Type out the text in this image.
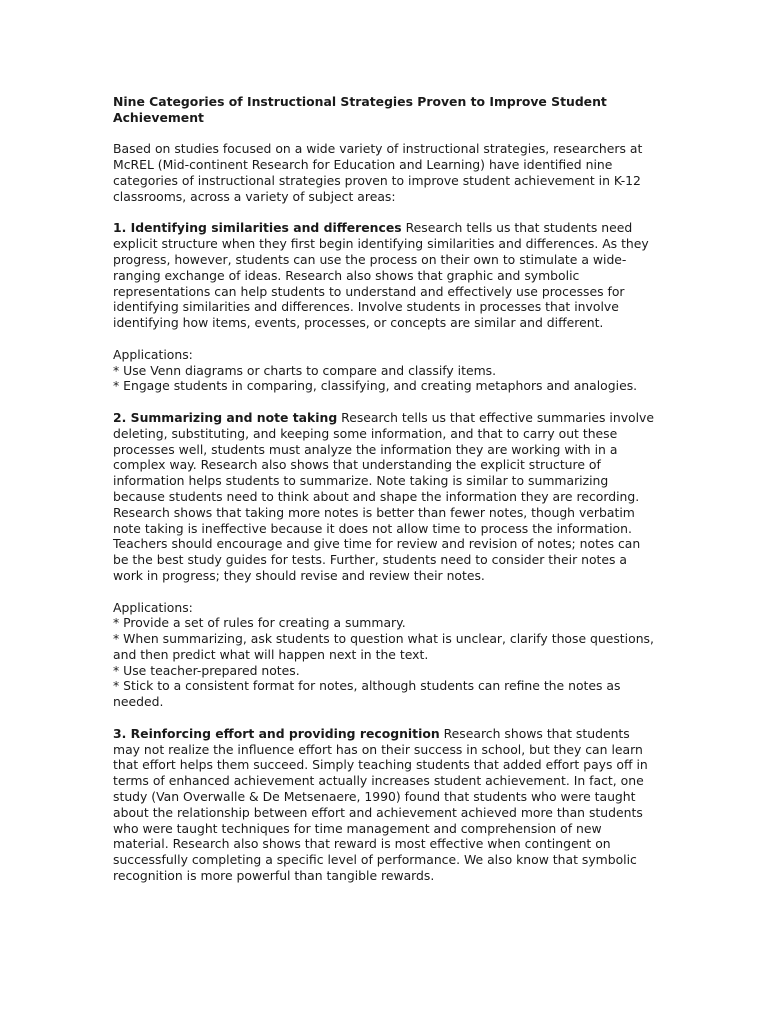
Nine Categories of Instructional Strategies Proven to Improve Student Achievement

Based on studies focused on a wide variety of instructional strategies, researchers at McREL (Mid-continent Research for Education and Learning) have identified nine categories of instructional strategies proven to improve student achievement in K-12 classrooms, across a variety of subject areas:

1. Identifying similarities and differences Research tells us that students need explicit structure when they first begin identifying similarities and differences. As they progress, however, students can use the process on their own to stimulate a wide-ranging exchange of ideas. Research also shows that graphic and symbolic representations can help students to understand and effectively use processes for identifying similarities and differences. Involve students in processes that involve identifying how items, events, processes, or concepts are similar and different.

Applications:
* Use Venn diagrams or charts to compare and classify items.
* Engage students in comparing, classifying, and creating metaphors and analogies.

2. Summarizing and note taking Research tells us that effective summaries involve deleting, substituting, and keeping some information, and that to carry out these processes well, students must analyze the information they are working with in a complex way. Research also shows that understanding the explicit structure of information helps students to summarize. Note taking is similar to summarizing because students need to think about and shape the information they are recording. Research shows that taking more notes is better than fewer notes, though verbatim note taking is ineffective because it does not allow time to process the information. Teachers should encourage and give time for review and revision of notes; notes can be the best study guides for tests. Further, students need to consider their notes a work in progress; they should revise and review their notes.

Applications:
* Provide a set of rules for creating a summary.
* When summarizing, ask students to question what is unclear, clarify those questions, and then predict what will happen next in the text.
* Use teacher-prepared notes.
* Stick to a consistent format for notes, although students can refine the notes as needed.

3. Reinforcing effort and providing recognition Research shows that students may not realize the influence effort has on their success in school, but they can learn that effort helps them succeed. Simply teaching students that added effort pays off in terms of enhanced achievement actually increases student achievement. In fact, one study (Van Overwalle & De Metsenaere, 1990) found that students who were taught about the relationship between effort and achievement achieved more than students who were taught techniques for time management and comprehension of new material. Research also shows that reward is most effective when contingent on successfully completing a specific level of performance. We also know that symbolic recognition is more powerful than tangible rewards.
